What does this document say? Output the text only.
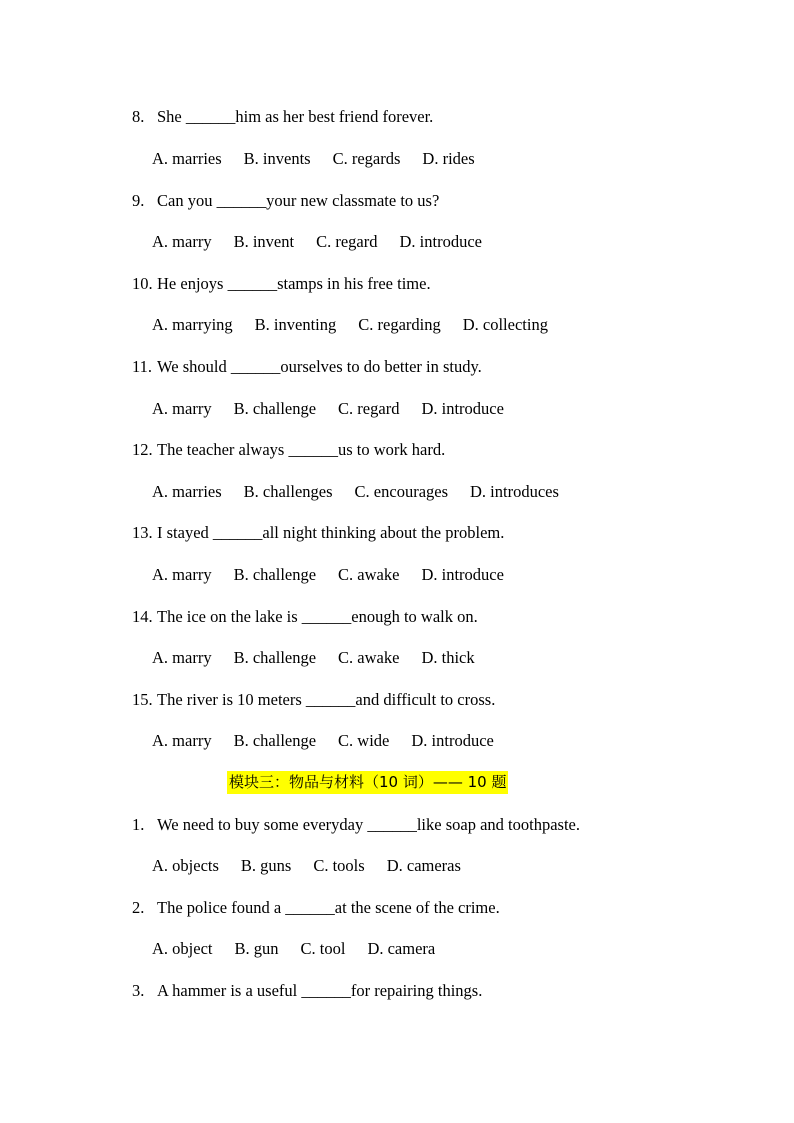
8. She ______him as her best friend forever.
A. marries B. invents C. regards D. rides
9. Can you ______your new classmate to us?
A. marry B. invent C. regard D. introduce
10. He enjoys ______stamps in his free time.
A. marrying B. inventing C. regarding D. collecting
11. We should ______ourselves to do better in study.
A. marry B. challenge C. regard D. introduce
12. The teacher always ______us to work hard.
A. marries B. challenges C. encourages D. introduces
13. I stayed ______all night thinking about the problem.
A. marry B. challenge C. awake D. introduce
14. The ice on the lake is ______enough to walk on.
A. marry B. challenge C. awake D. thick
15. The river is 10 meters ______and difficult to cross.
A. marry B. challenge C. wide D. introduce
模块三：物品与材料（10 词）—— 10 题
1. We need to buy some everyday ______like soap and toothpaste.
A. objects B. guns C. tools D. cameras
2. The police found a ______at the scene of the crime.
A. object B. gun C. tool D. camera
3. A hammer is a useful ______for repairing things.
